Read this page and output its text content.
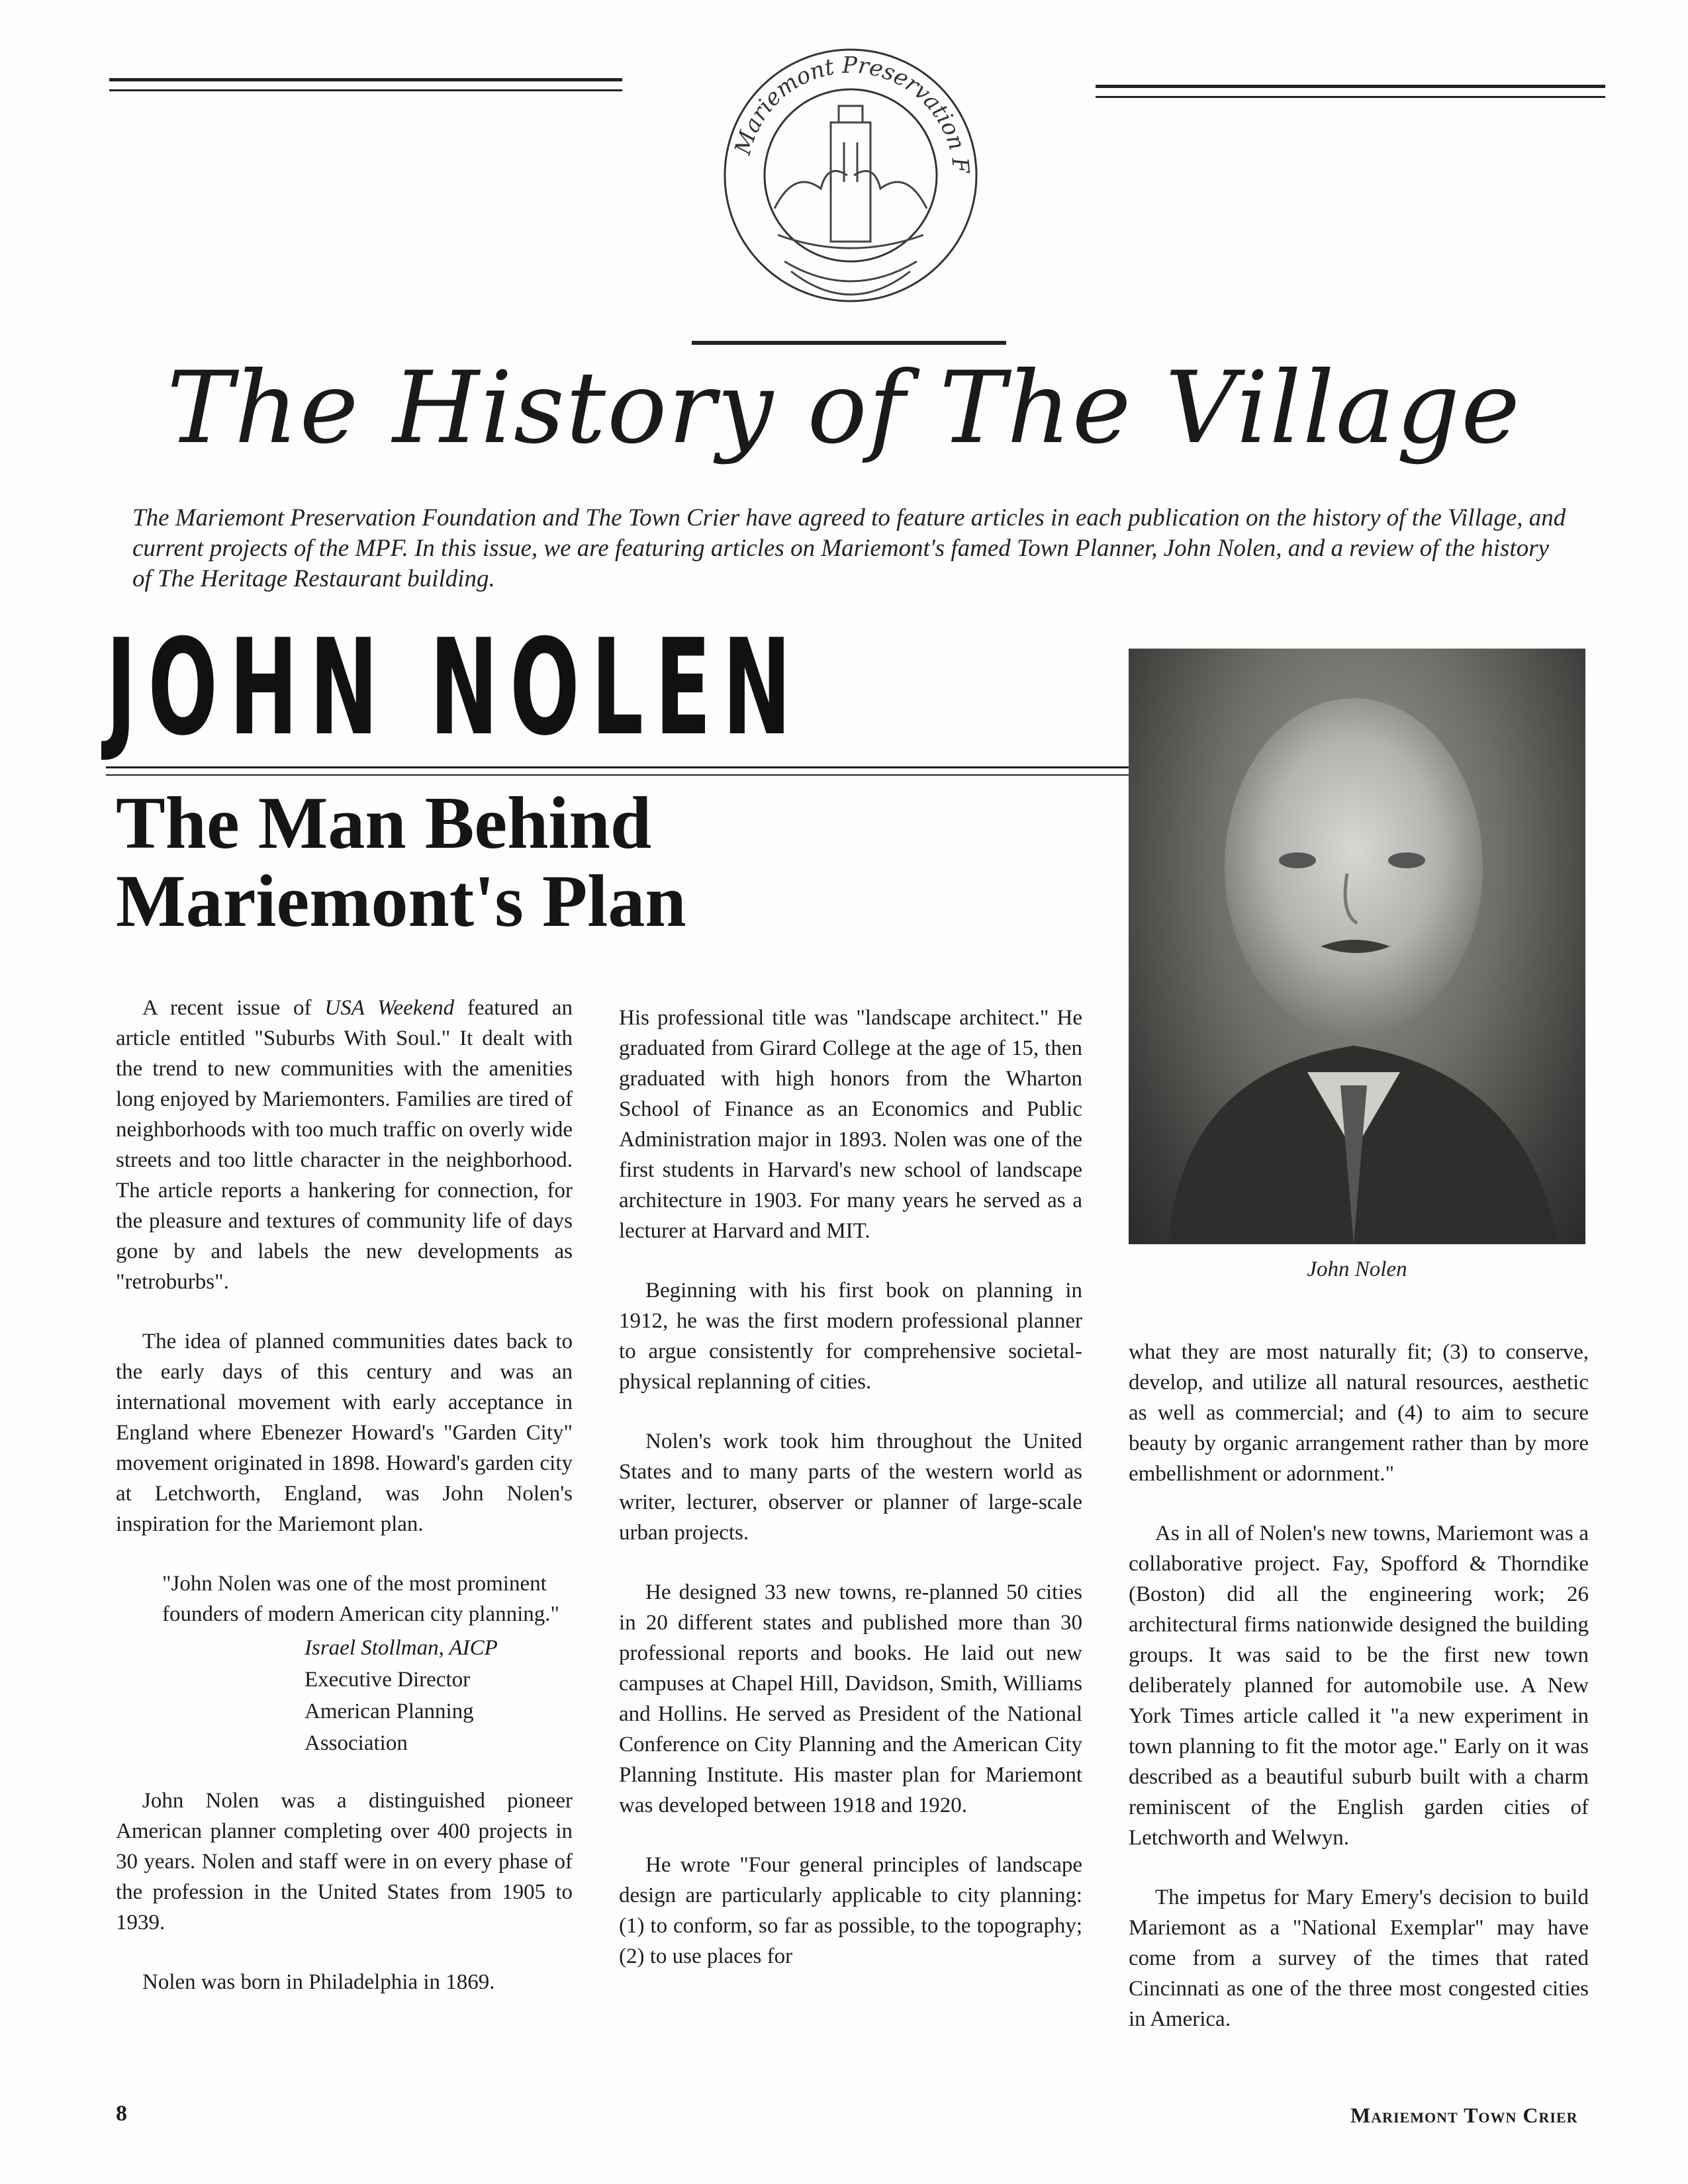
Mariemont Preservation F
The History of The Village
The Mariemont Preservation Foundation and The Town Crier have agreed to feature articles in each publication on the history of the Village, and current projects of the MPF. In this issue, we are featuring articles on Mariemont's famed Town Planner, John Nolen, and a review of the history of The Heritage Restaurant building.
JOHN NOLEN
The Man Behind
Mariemont's Plan
John Nolen

A recent issue of USA Weekend featured an article entitled "Suburbs With Soul." It dealt with the trend to new communities with the amenities long enjoyed by Mariemonters. Families are tired of neighborhoods with too much traffic on overly wide streets and too little character in the neighborhood. The article reports a hankering for connection, for the pleasure and textures of community life of days gone by and labels the new developments as "retroburbs".

The idea of planned communities dates back to the early days of this century and was an international movement with early acceptance in England where Ebenezer Howard's "Garden City" movement originated in 1898. Howard's garden city at Letchworth, England, was John Nolen's inspiration for the Mariemont plan.

"John Nolen was one of the most prominent founders of modern American city planning."

Israel Stollman, AICP
Executive Director
American Planning
Association

John Nolen was a distinguished pioneer American planner completing over 400 projects in 30 years. Nolen and staff were in on every phase of the profession in the United States from 1905 to 1939.

Nolen was born in Philadelphia in 1869.

His professional title was "landscape architect." He graduated from Girard College at the age of 15, then graduated with high honors from the Wharton School of Finance as an Economics and Public Administration major in 1893. Nolen was one of the first students in Harvard's new school of landscape architecture in 1903. For many years he served as a lecturer at Harvard and MIT.

Beginning with his first book on planning in 1912, he was the first modern professional planner to argue consistently for comprehensive societal-physical replanning of cities.

Nolen's work took him throughout the United States and to many parts of the western world as writer, lecturer, observer or planner of large-scale urban projects.

He designed 33 new towns, re-planned 50 cities in 20 different states and published more than 30 professional reports and books. He laid out new campuses at Chapel Hill, Davidson, Smith, Williams and Hollins. He served as President of the National Conference on City Planning and the American City Planning Institute. His master plan for Mariemont was developed between 1918 and 1920.

He wrote "Four general principles of landscape design are particularly applicable to city planning: (1) to conform, so far as possible, to the topography; (2) to use places for

what they are most naturally fit; (3) to conserve, develop, and utilize all natural resources, aesthetic as well as commercial; and (4) to aim to secure beauty by organic arrangement rather than by more embellishment or adornment."

As in all of Nolen's new towns, Mariemont was a collaborative project. Fay, Spofford & Thorndike (Boston) did all the engineering work; 26 architectural firms nationwide designed the building groups. It was said to be the first new town deliberately planned for automobile use. A New York Times article called it "a new experiment in town planning to fit the motor age." Early on it was described as a beautiful suburb built with a charm reminiscent of the English garden cities of Letchworth and Welwyn.

The impetus for Mary Emery's decision to build Mariemont as a "National Exemplar" may have come from a survey of the times that rated Cincinnati as one of the three most congested cities in America.

8	Mariemont Town Crier
